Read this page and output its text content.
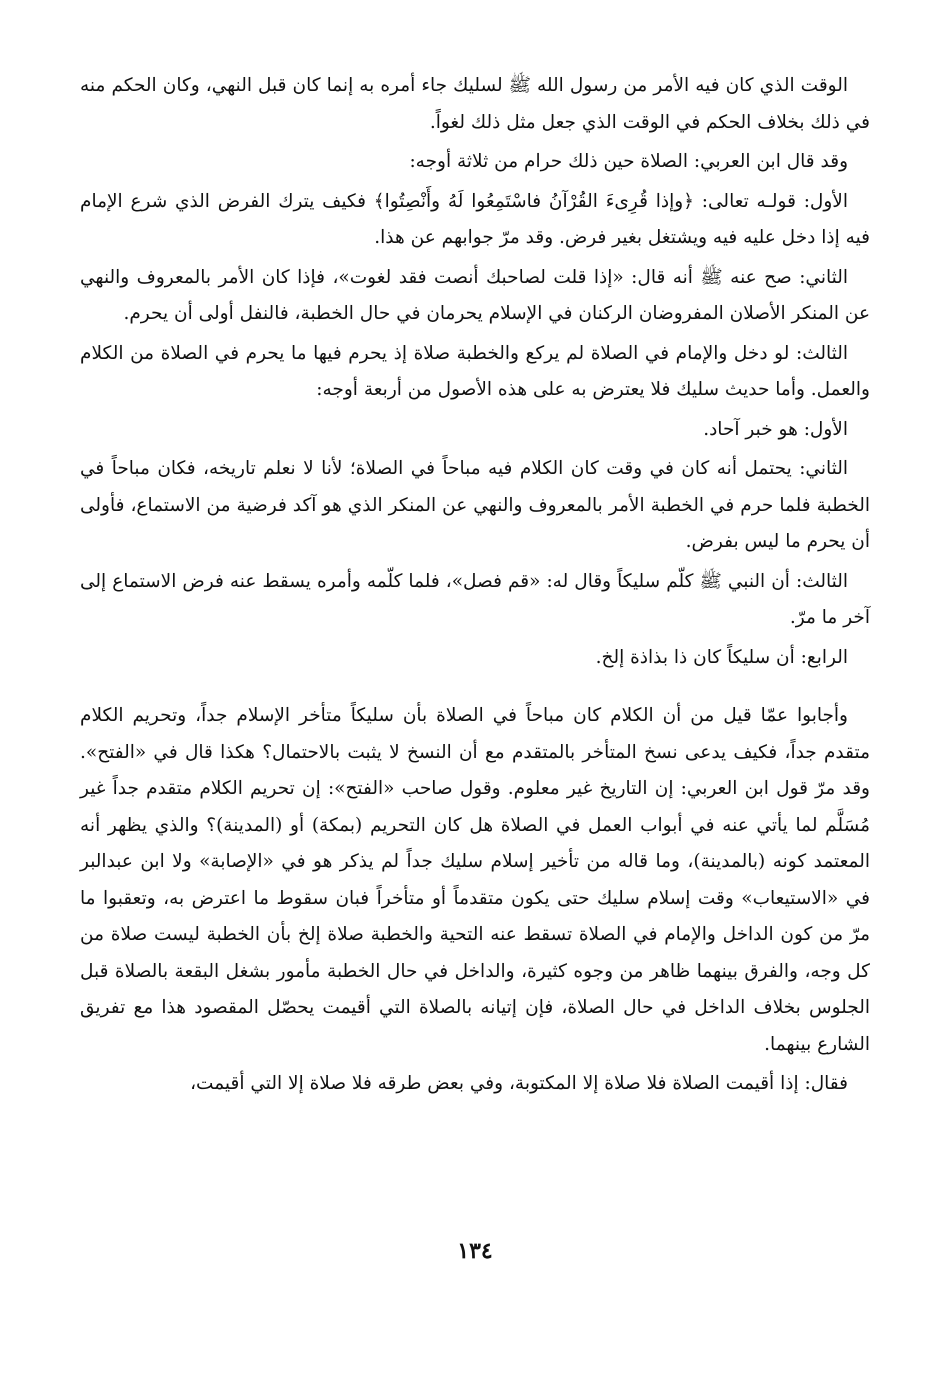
الوقت الذي كان فيه الأمر من رسول الله ﷺ لسليك جاء أمره به إنما كان قبل النهي، وكان الحكم منه في ذلك بخلاف الحكم في الوقت الذي جعل مثل ذلك لغواً.

وقد قال ابن العربي: الصلاة حين ذلك حرام من ثلاثة أوجه:

الأول: قولـه تعالى: ﴿وإذا قُرِىءَ القُرْآنُ فاسْتَمِعُوا لَهُ وأَنْصِتُوا﴾ فكيف يترك الفرض الذي شرع الإمام فيه إذا دخل عليه فيه ويشتغل بغير فرض. وقد مرّ جوابهم عن هذا.

الثاني: صح عنه ﷺ أنه قال: «إذا قلت لصاحبك أنصت فقد لغوت»، فإذا كان الأمر بالمعروف والنهي عن المنكر الأصلان المفروضان الركنان في الإسلام يحرمان في حال الخطبة، فالنفل أولى أن يحرم.

الثالث: لو دخل والإمام في الصلاة لم يركع والخطبة صلاة إذ يحرم فيها ما يحرم في الصلاة من الكلام والعمل. وأما حديث سليك فلا يعترض به على هذه الأصول من أربعة أوجه:

الأول: هو خبر آحاد.

الثاني: يحتمل أنه كان في وقت كان الكلام فيه مباحاً في الصلاة؛ لأنا لا نعلم تاريخه، فكان مباحاً في الخطبة فلما حرم في الخطبة الأمر بالمعروف والنهي عن المنكر الذي هو آكد فرضية من الاستماع، فأولى أن يحرم ما ليس بفرض.

الثالث: أن النبي ﷺ كلّم سليكاً وقال له: «قم فصل»، فلما كلّمه وأمره يسقط عنه فرض الاستماع إلى آخر ما مرّ.

الرابع: أن سليكاً كان ذا بذاذة إلخ.

وأجابوا عمّا قيل من أن الكلام كان مباحاً في الصلاة بأن سليكاً متأخر الإسلام جداً، وتحريم الكلام متقدم جداً، فكيف يدعى نسخ المتأخر بالمتقدم مع أن النسخ لا يثبت بالاحتمال؟ هكذا قال في «الفتح». وقد مرّ قول ابن العربي: إن التاريخ غير معلوم. وقول صاحب «الفتح»: إن تحريم الكلام متقدم جداً غير مُسَلَّم لما يأتي عنه في أبواب العمل في الصلاة هل كان التحريم (بمكة) أو (المدينة)؟ والذي يظهر أنه المعتمد كونه (بالمدينة)، وما قاله من تأخير إسلام سليك جداً لم يذكر هو في «الإصابة» ولا ابن عبدالبر في «الاستيعاب» وقت إسلام سليك حتى يكون متقدماً أو متأخراً فبان سقوط ما اعترض به، وتعقبوا ما مرّ من كون الداخل والإمام في الصلاة تسقط عنه التحية والخطبة صلاة إلخ بأن الخطبة ليست صلاة من كل وجه، والفرق بينهما ظاهر من وجوه كثيرة، والداخل في حال الخطبة مأمور بشغل البقعة بالصلاة قبل الجلوس بخلاف الداخل في حال الصلاة، فإن إتيانه بالصلاة التي أقيمت يحصّل المقصود هذا مع تفريق الشارع بينهما.

فقال: إذا أقيمت الصلاة فلا صلاة إلا المكتوبة، وفي بعض طرقه فلا صلاة إلا التي أقيمت،

١٣٤
